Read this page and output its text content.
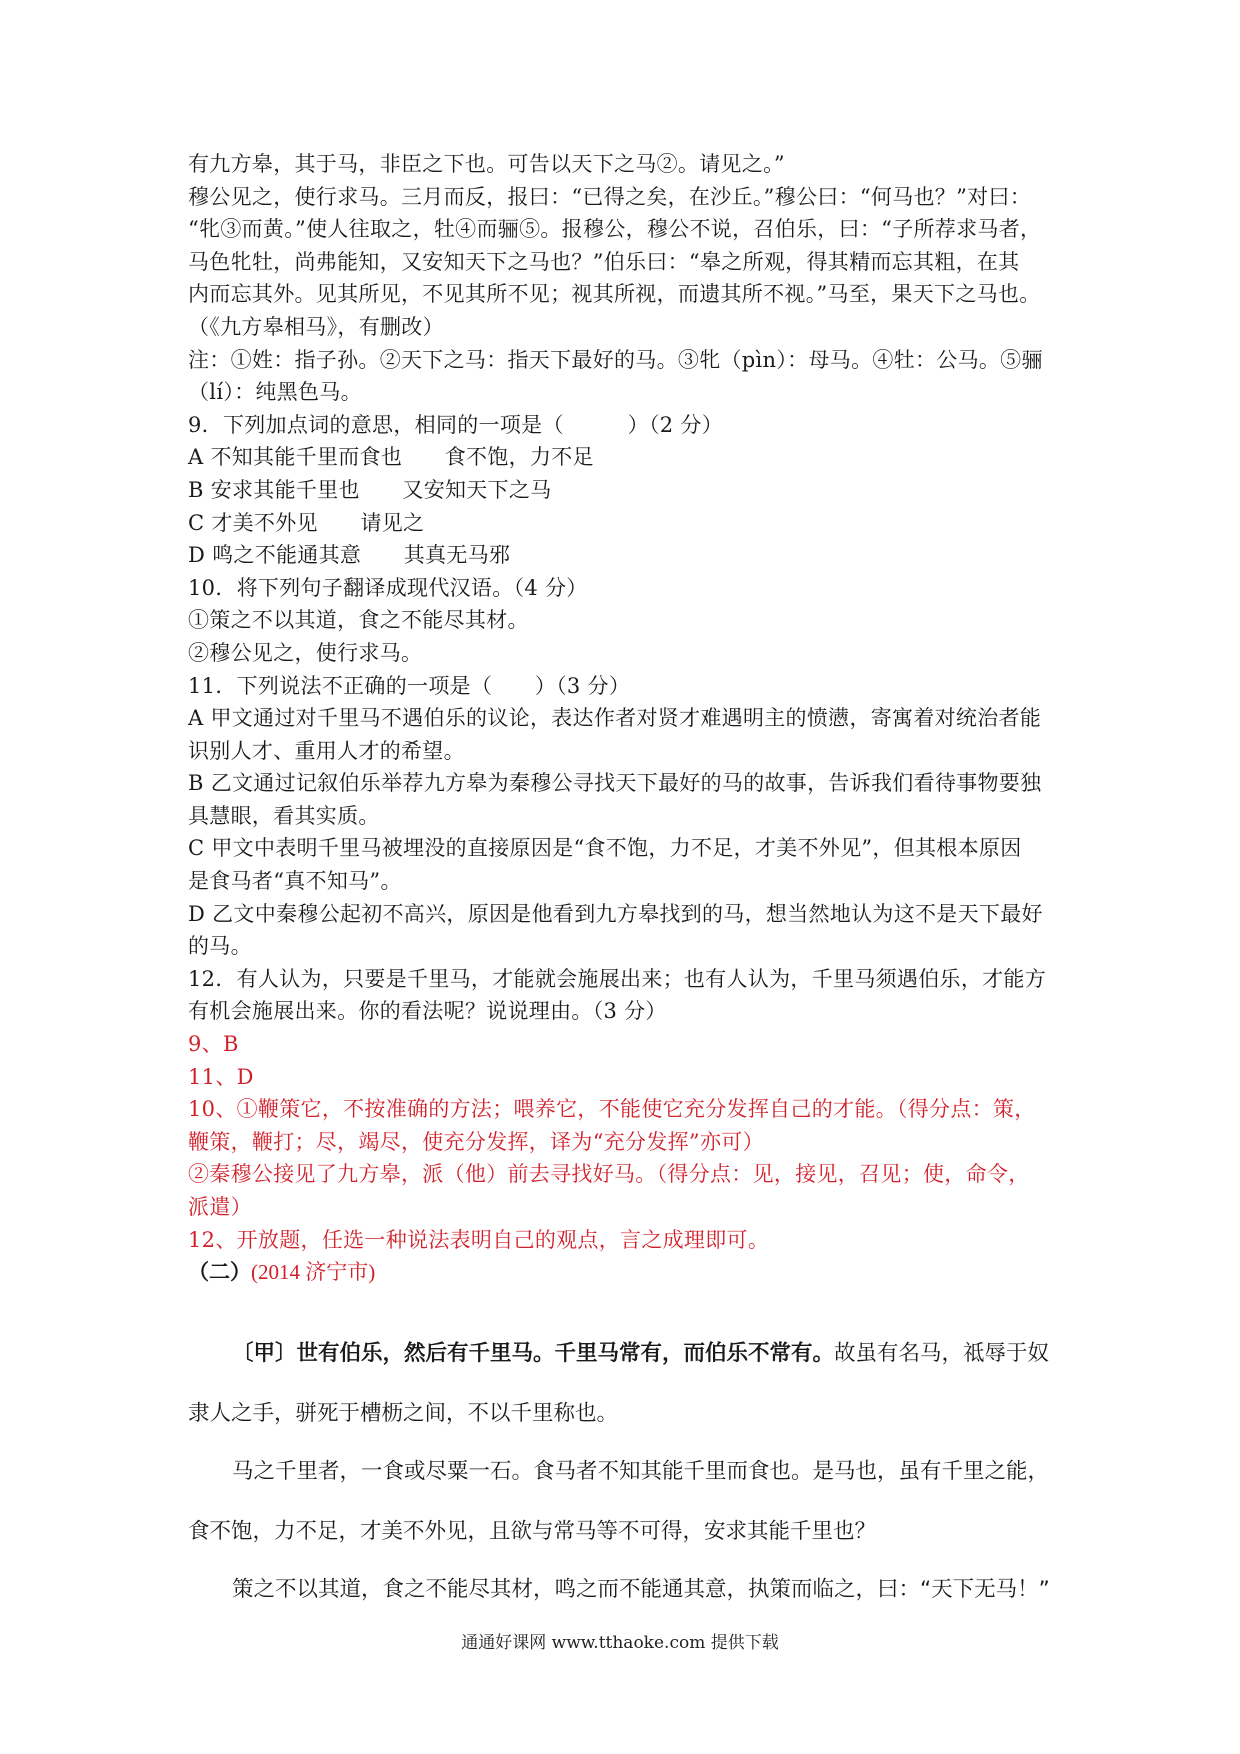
有九方皋，其于马，非臣之下也。可告以天下之马②。请见之。”

穆公见之，使行求马。三月而反，报曰：“已得之矣，在沙丘。”穆公曰：“何马也？”对曰：

“牝③而黄。”使人往取之，牡④而骊⑤。报穆公，穆公不说，召伯乐，曰：“子所荐求马者，

马色牝牡，尚弗能知，又安知天下之马也？”伯乐曰：“皋之所观，得其精而忘其粗，在其

内而忘其外。见其所见，不见其所不见；视其所视，而遗其所不视。”马至，果天下之马也。

（《九方皋相马》，有删改）

注：①姓：指子孙。②天下之马：指天下最好的马。③牝（pìn）：母马。④牡：公马。⑤骊

（lí）：纯黑色马。

9．下列加点词的意思，相同的一项是（　　　）（2 分）

A 不知其能千里而食也　　食不饱，力不足

B 安求其能千里也　　又安知天下之马

C 才美不外见　　请见之

D 鸣之不能通其意　　其真无马邪

10．将下列句子翻译成现代汉语。（4 分）

①策之不以其道，食之不能尽其材。

②穆公见之，使行求马。

11．下列说法不正确的一项是（　　）（3 分）

A 甲文通过对千里马不遇伯乐的议论，表达作者对贤才难遇明主的愤懑，寄寓着对统治者能

识别人才、重用人才的希望。

B 乙文通过记叙伯乐举荐九方皋为秦穆公寻找天下最好的马的故事，告诉我们看待事物要独

具慧眼，看其实质。

C 甲文中表明千里马被埋没的直接原因是“食不饱，力不足，才美不外见”，但其根本原因

是食马者“真不知马”。

D 乙文中秦穆公起初不高兴，原因是他看到九方皋找到的马，想当然地认为这不是天下最好

的马。

12．有人认为，只要是千里马，才能就会施展出来；也有人认为，千里马须遇伯乐，才能方

有机会施展出来。你的看法呢？说说理由。（3 分）

9、B

11、D

10、①鞭策它，不按准确的方法；喂养它，不能使它充分发挥自己的才能。（得分点：策，

鞭策，鞭打；尽，竭尽，使充分发挥，译为“充分发挥”亦可）

②秦穆公接见了九方皋，派（他）前去寻找好马。（得分点：见，接见，召见；使，命令，

派遣）

12、开放题，任选一种说法表明自己的观点，言之成理即可。

（二）(2014 济宁市)

〔甲〕世有伯乐，然后有千里马。千里马常有，而伯乐不常有。故虽有名马，祗辱于奴

隶人之手，骈死于槽枥之间，不以千里称也。

马之千里者，一食或尽粟一石。食马者不知其能千里而食也。是马也，虽有千里之能，

食不饱，力不足，才美不外见，且欲与常马等不可得，安求其能千里也？

策之不以其道，食之不能尽其材，鸣之而不能通其意，执策而临之，曰：“天下无马！”

通通好课网 www.tthaoke.com 提供下载
